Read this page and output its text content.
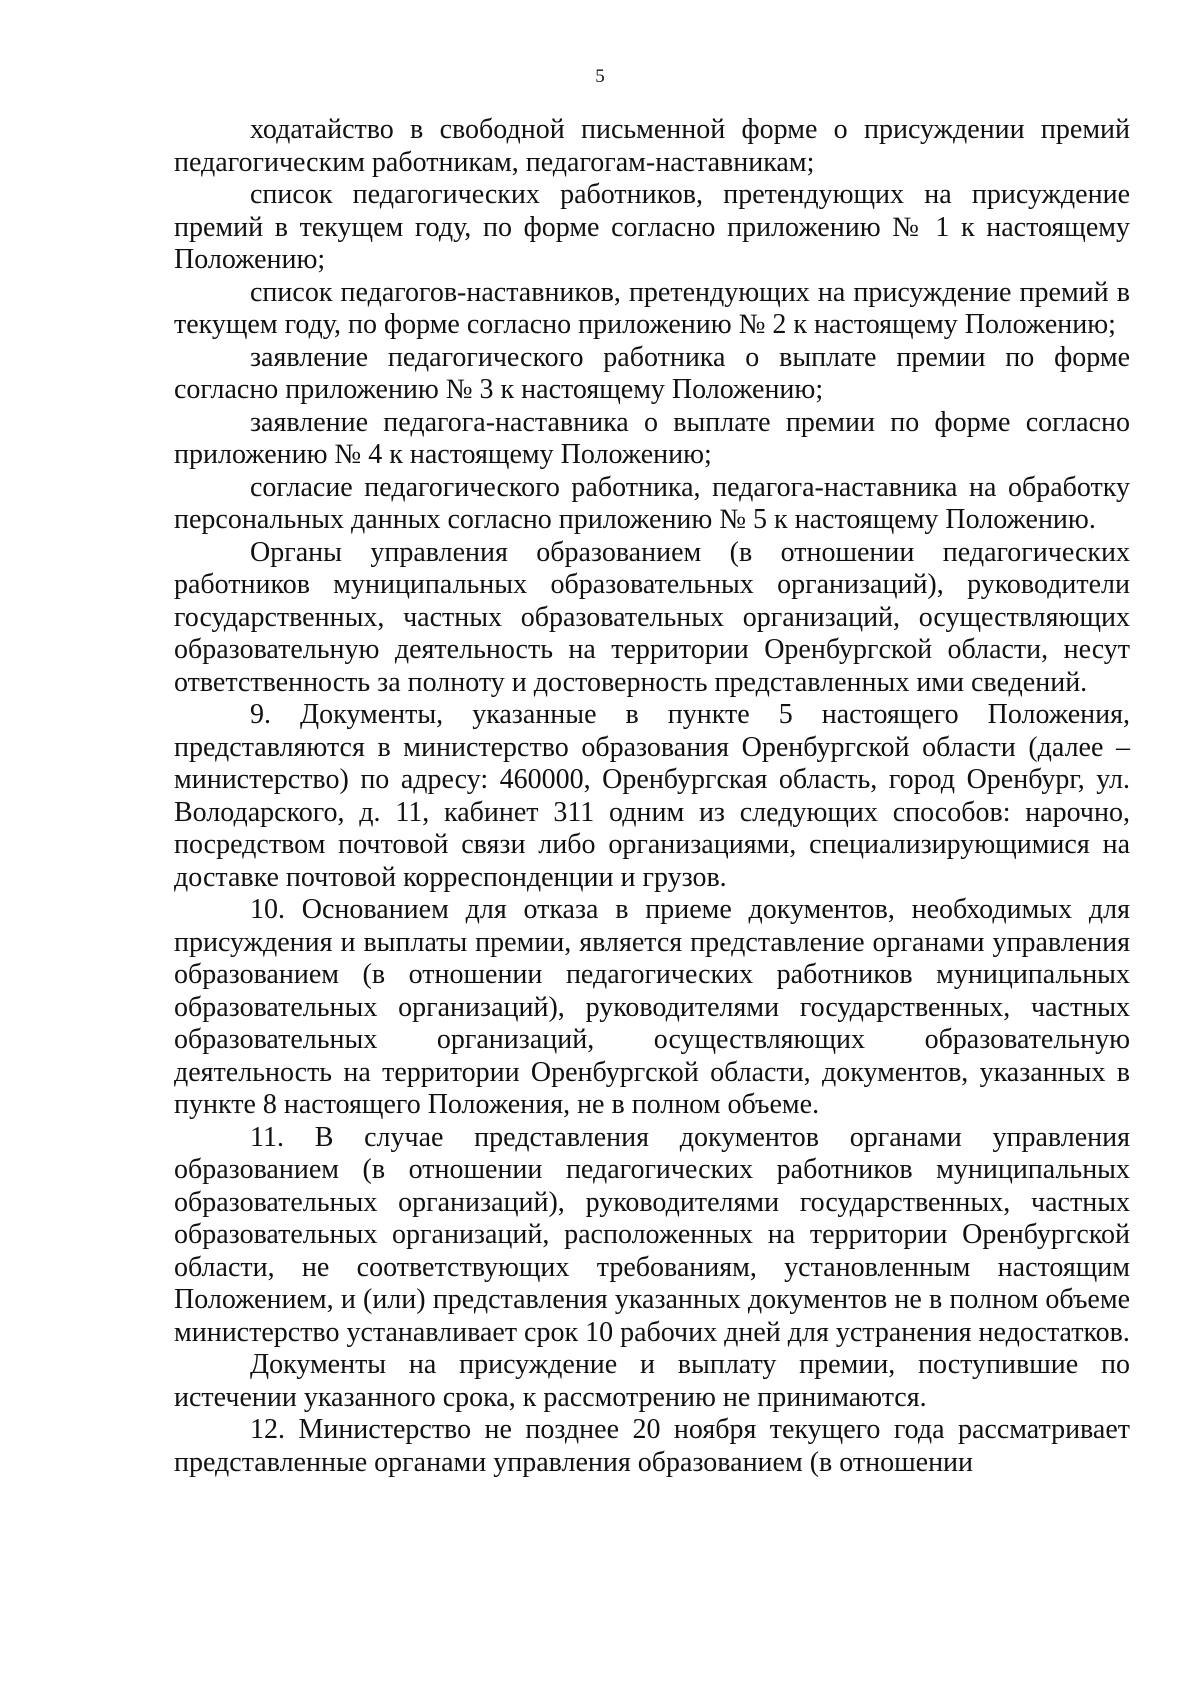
5

ходатайство в свободной письменной форме о присуждении премий педагогическим работникам, педагогам-наставникам;

список педагогических работников, претендующих на присуждение премий в текущем году, по форме согласно приложению № 1 к настоящему Положению;

список педагогов-наставников, претендующих на присуждение премий в текущем году, по форме согласно приложению № 2 к настоящему Положению;

заявление педагогического работника о выплате премии по форме согласно приложению № 3 к настоящему Положению;

заявление педагога-наставника о выплате премии по форме согласно приложению № 4 к настоящему Положению;

согласие педагогического работника, педагога-наставника на обработку персональных данных согласно приложению № 5 к настоящему Положению.

Органы управления образованием (в отношении педагогических работников муниципальных образовательных организаций), руководители государственных, частных образовательных организаций, осуществляющих образовательную деятельность на территории Оренбургской области, несут ответственность за полноту и достоверность представленных ими сведений.

9. Документы, указанные в пункте 5 настоящего Положения, представляются в министерство образования Оренбургской области (далее – министерство) по адресу: 460000, Оренбургская область, город Оренбург, ул. Володарского, д. 11, кабинет 311 одним из следующих способов: нарочно, посредством почтовой связи либо организациями, специализирующимися на доставке почтовой корреспонденции и грузов.

10. Основанием для отказа в приеме документов, необходимых для присуждения и выплаты премии, является представление органами управления образованием (в отношении педагогических работников муниципальных образовательных организаций), руководителями государственных, частных образовательных организаций, осуществляющих образовательную деятельность на территории Оренбургской области, документов, указанных в пункте 8 настоящего Положения, не в полном объеме.

11. В случае представления документов органами управления образованием (в отношении педагогических работников муниципальных образовательных организаций), руководителями государственных, частных образовательных организаций, расположенных на территории Оренбургской области, не соответствующих требованиям, установленным настоящим Положением, и (или) представления указанных документов не в полном объеме министерство устанавливает срок 10 рабочих дней для устранения недостатков.

Документы на присуждение и выплату премии, поступившие по истечении указанного срока, к рассмотрению не принимаются.

12. Министерство не позднее 20 ноября текущего года рассматривает представленные органами управления образованием (в отношении
